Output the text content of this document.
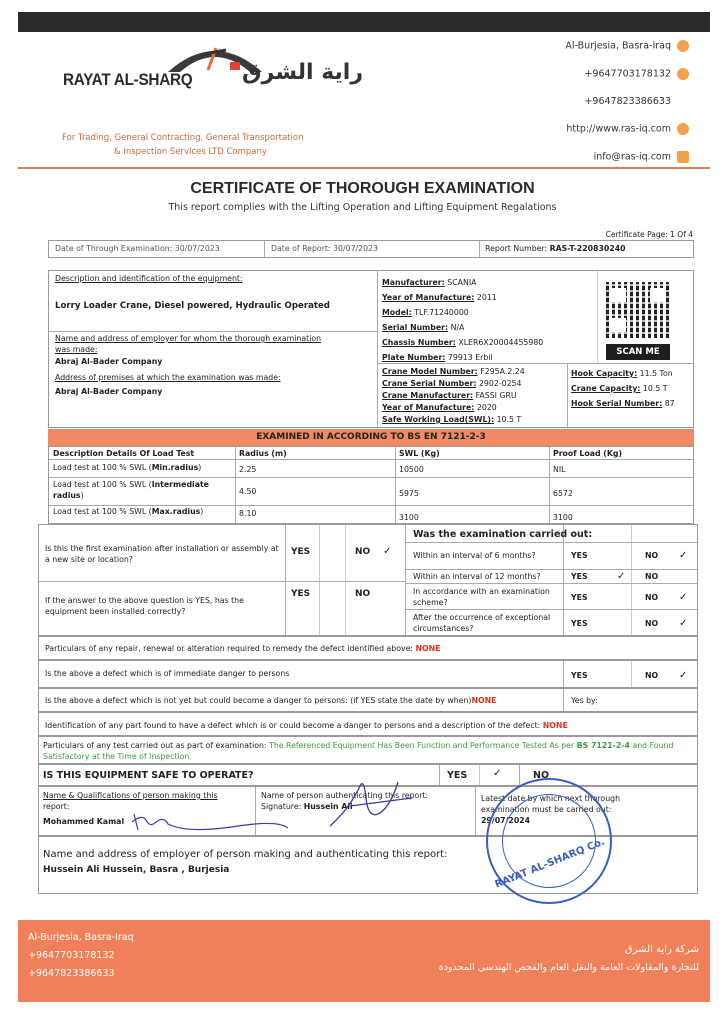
RAYAT AL-SHARQ راية الشرق
For Trading, General Contracting, General Transportation
& Inspection Services LTD Company
Al-Burjesia, Basra-Iraq
+9647703178132
+9647823386633
http://www.ras-iq.com
info@ras-iq.com
CERTIFICATE OF THOROUGH EXAMINATION
This report complies with the Lifting Operation and Lifting Equipment Regalations
Certificate Page: 1 Of 4
Date of Through Examination: 30/07/2023	Date of Report: 30/07/2023	Report Number: RAS-T-220830240
Description and identification of the equipment:
Lorry Loader Crane, Diesel powered, Hydraulic Operated
Name and address of employer for whom the thorough examination
was made:
Abraj Al-Bader Company
Address of premises at which the examination was made:
Abraj Al-Bader Company
Manufacturer: SCANIA
Year of Manufacture: 2011
Model: TLF.71240000
Serial Number: N/A
Chassis Number: XLER6X20004455980
Plate Number: 79913 Erbil
Crane Model Number: F295A.2.24
Crane Serial Number: 2902-0254
Crane Manufacturer: FASSI GRU
Year of Manufacture: 2020
Safe Working Load(SWL): 10.5 T
Hook Capacity: 11.5 Ton
Crane Capacity: 10.5 T
Hook Serial Number: 87
SCAN ME
EXAMINED IN ACCORDING TO BS EN 7121-2-3
Description Details Of Load Test	Radius (m)	SWL (Kg)	Proof Load (Kg)
Load test at 100 % SWL (Min.radius)	2.25	10500	NIL
Load test at 100 % SWL (Intermediate radius)	4.50	5975	6572
Load test at 100 % SWL (Max.radius)	8.10	3100	3100
Is this the first examination after installation or assembly at a new site or location?
YES	NO ✓
If the answer to the above question is YES, has the equipment been installed correctly?
YES	NO
Was the examination carried out:
Within an interval of 6 months?	YES	NO ✓
Within an interval of 12 months?	YES	✓	NO
In accordance with an examination scheme?
YES	NO ✓
After the occurrence of exceptional circumstances?
YES	NO ✓
Particulars of any repair, renewal or alteration required to remedy the defect identified above: NONE
Is the above a defect which is of immediate danger to persons	YES	NO ✓
Is the above a defect which is not yet but could become a danger to persons: (if YES state the date by when)NONE	Yes by:
Identification of any part found to have a defect which is or could become a danger to persons and a description of the defect: NONE
Particulars of any test carried out as part of examination: The Referenced Equipment Has Been Function and Performance Tested As per BS 7121-2-4 and Found Satisfactory at the Time of Inspection.
IS THIS EQUIPMENT SAFE TO OPERATE?	YES	✓	NO
Name & Qualifications of person making this
report:
Mohammed Kamal
Name of person authenticating this report:
Signature: Hussein Ali
Latest date by which next thorough
examination must be carried out:
29/07/2024
Name and address of employer of person making and authenticating this report:
Hussein Ali Hussein, Basra , Burjesia	RAYAT AL-SHARQ Co.
Al-Burjesia, Basra-Iraq
+9647703178132
+9647823386633
شركة راية الشرق
للتجارة والمقاولات العامة والنقل العام والفحص الهندسي المحدودة
